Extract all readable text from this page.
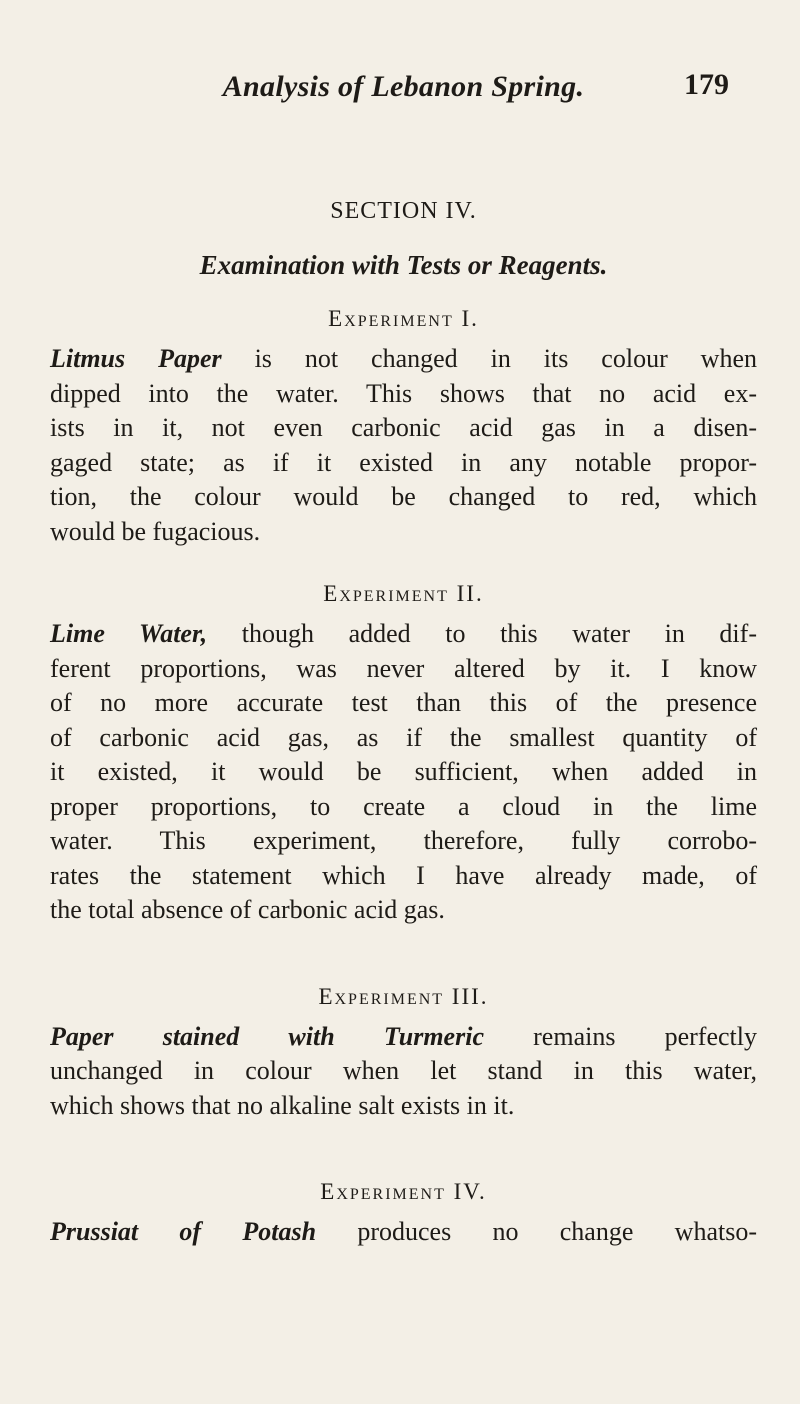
Analysis of Lebanon Spring.	179
SECTION IV.
Examination with Tests or Reagents.
Experiment I.
Litmus Paper is not changed in its colour when
dipped into the water. This shows that no acid ex-
ists in it, not even carbonic acid gas in a disen-
gaged state; as if it existed in any notable propor-
tion, the colour would be changed to red, which
would be fugacious.
Experiment II.
Lime Water, though added to this water in dif-
ferent proportions, was never altered by it. I know
of no more accurate test than this of the presence
of carbonic acid gas, as if the smallest quantity of
it existed, it would be sufficient, when added in
proper proportions, to create a cloud in the lime
water. This experiment, therefore, fully corrobo-
rates the statement which I have already made, of
the total absence of carbonic acid gas.
Experiment III.
Paper stained with Turmeric remains perfectly
unchanged in colour when let stand in this water,
which shows that no alkaline salt exists in it.
Experiment IV.
Prussiat of Potash produces no change whatso-
